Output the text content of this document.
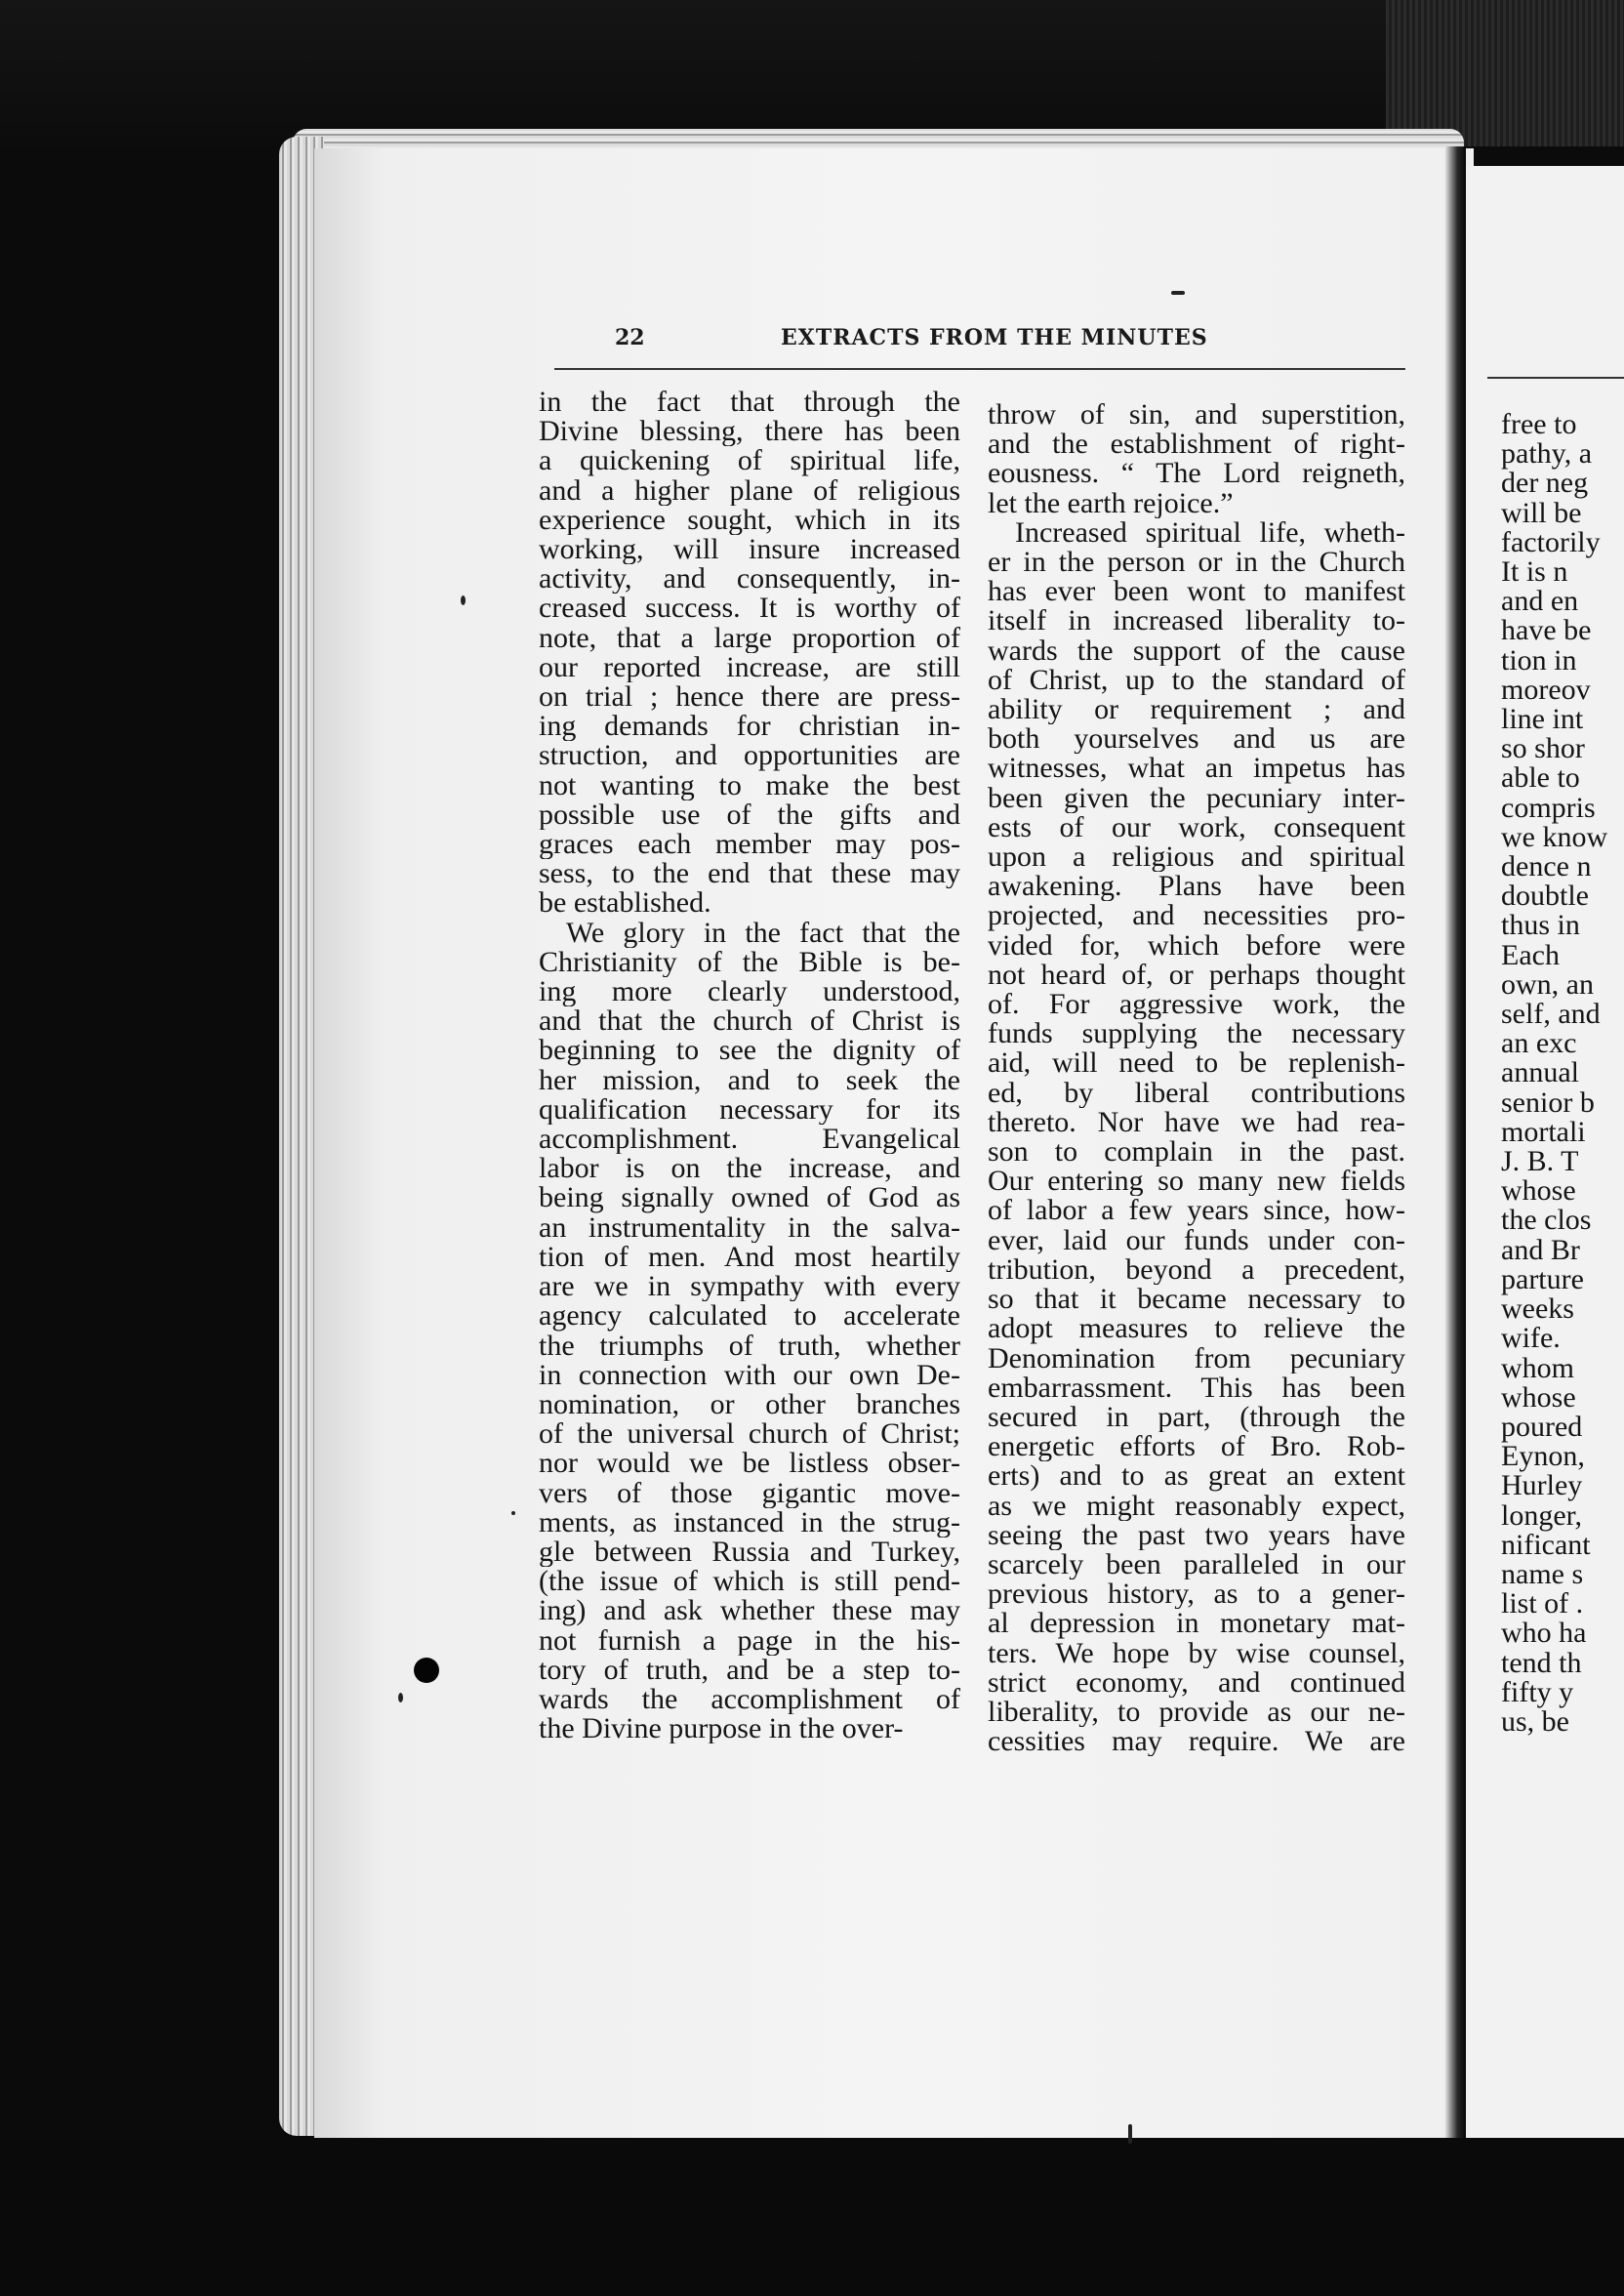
22	EXTRACTS FROM THE MINUTES
in the fact that through the
Divine blessing, there has been
a quickening of spiritual life,
and a higher plane of religious
experience sought, which in its
working, will insure increased
activity, and consequently, in-
creased success. It is worthy of
note, that a large proportion of
our reported increase, are still
on trial ; hence there are press-
ing demands for christian in-
struction, and opportunities are
not wanting to make the best
possible use of the gifts and
graces each member may pos-
sess, to the end that these may
be established.
We glory in the fact that the
Christianity of the Bible is be-
ing more clearly understood,
and that the church of Christ is
beginning to see the dignity of
her mission, and to seek the
qualification necessary for its
accomplishment. Evangelical
labor is on the increase, and
being signally owned of God as
an instrumentality in the salva-
tion of men. And most heartily
are we in sympathy with every
agency calculated to accelerate
the triumphs of truth, whether
in connection with our own De-
nomination, or other branches
of the universal church of Christ;
nor would we be listless obser-
vers of those gigantic move-
ments, as instanced in the strug-
gle between Russia and Turkey,
(the issue of which is still pend-
ing) and ask whether these may
not furnish a page in the his-
tory of truth, and be a step to-
wards the accomplishment of
the Divine purpose in the over-
throw of sin, and superstition,
and the establishment of right-
eousness. “ The Lord reigneth,
let the earth rejoice.”
Increased spiritual life, wheth-
er in the person or in the Church
has ever been wont to manifest
itself in increased liberality to-
wards the support of the cause
of Christ, up to the standard of
ability or requirement ; and
both yourselves and us are
witnesses, what an impetus has
been given the pecuniary inter-
ests of our work, consequent
upon a religious and spiritual
awakening. Plans have been
projected, and necessities pro-
vided for, which before were
not heard of, or perhaps thought
of. For aggressive work, the
funds supplying the necessary
aid, will need to be replenish-
ed, by liberal contributions
thereto. Nor have we had rea-
son to complain in the past.
Our entering so many new fields
of labor a few years since, how-
ever, laid our funds under con-
tribution, beyond a precedent,
so that it became necessary to
adopt measures to relieve the
Denomination from pecuniary
embarrassment. This has been
secured in part, (through the
energetic efforts of Bro. Rob-
erts) and to as great an extent
as we might reasonably expect,
seeing the past two years have
scarcely been paralleled in our
previous history, as to a gener-
al depression in monetary mat-
ters. We hope by wise counsel,
strict economy, and continued
liberality, to provide as our ne-
cessities may require. We are
free to
pathy, a
der neg
will be
factorily
It is n
and en
have be
tion in
moreov
line int
so shor
able to
compris
we know
dence n
doubtle
thus in
Each
own, an
self, and
an exc
annual
senior b
mortali
J. B. T
whose
the clos
and Br
parture
weeks
wife.
whom
whose
poured
Eynon,
Hurley
longer,
nificant
name s
list of .
who ha
tend th
fifty y
us, be
